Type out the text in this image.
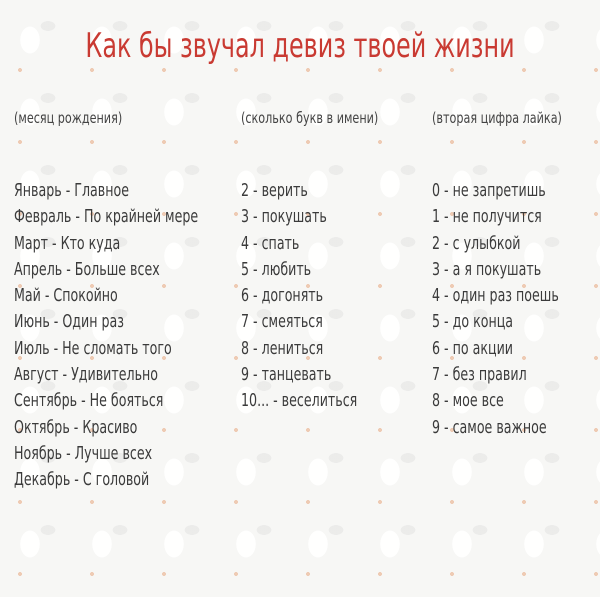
Как бы звучал девиз твоей жизни
(месяц рождения)
Январь - Главное
Февраль - По крайней мере
Март - Кто куда
Апрель - Больше всех
Май - Спокойно
Июнь - Один раз
Июль - Не сломать того
Август - Удивительно
Сентябрь - Не бояться
Октябрь - Красиво
Ноябрь - Лучше всех
Декабрь - С головой
(сколько букв в имени)
2 - верить
3 - покушать
4 - спать
5 - любить
6 - догонять
7 - смеяться
8 - лениться
9 - танцевать
10... - веселиться
(вторая цифра лайка)
0 - не запретишь
1 - не получится
2 - с улыбкой
3 - а я покушать
4 - один раз поешь
5 - до конца
6 - по акции
7 - без правил
8 - мое все
9 - самое важное
